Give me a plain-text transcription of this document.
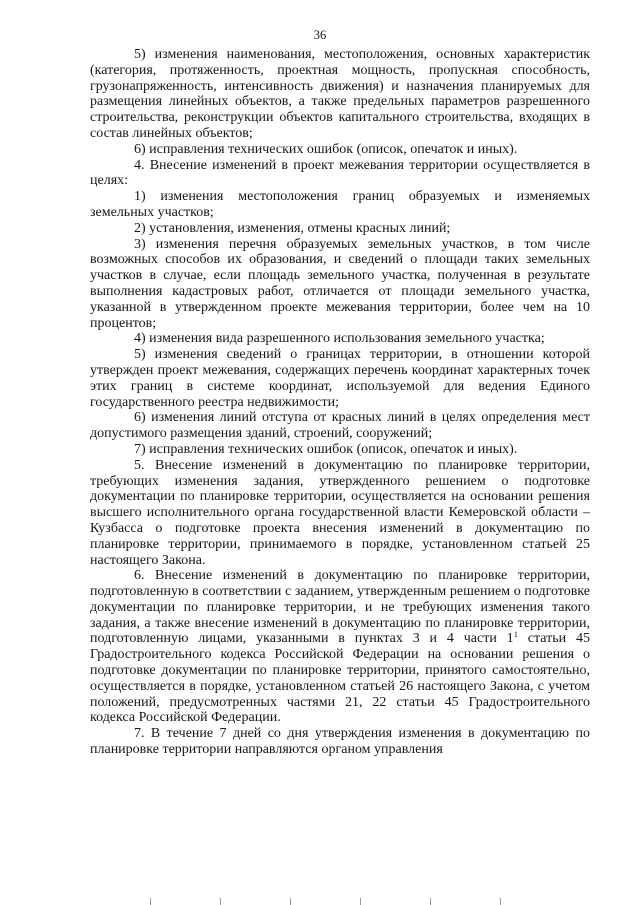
36

5) изменения наименования, местоположения, основных характеристик (категория, протяженность, проектная мощность, пропускная способность, грузонапряженность, интенсивность движения) и назначения планируемых для размещения линейных объектов, а также предельных параметров разрешенного строительства, реконструкции объектов капитального строительства, входящих в состав линейных объектов;

6) исправления технических ошибок (описок, опечаток и иных).

4. Внесение изменений в проект межевания территории осуществляется в целях:

1) изменения местоположения границ образуемых и изменяемых земельных участков;

2) установления, изменения, отмены красных линий;

3) изменения перечня образуемых земельных участков, в том числе возможных способов их образования, и сведений о площади таких земельных участков в случае, если площадь земельного участка, полученная в результате выполнения кадастровых работ, отличается от площади земельного участка, указанной в утвержденном проекте межевания территории, более чем на 10 процентов;

4) изменения вида разрешенного использования земельного участка;

5) изменения сведений о границах территории, в отношении которой утвержден проект межевания, содержащих перечень координат характерных точек этих границ в системе координат, используемой для ведения Единого государственного реестра недвижимости;

6) изменения линий отступа от красных линий в целях определения мест допустимого размещения зданий, строений, сооружений;

7) исправления технических ошибок (описок, опечаток и иных).

5. Внесение изменений в документацию по планировке территории, требующих изменения задания, утвержденного решением о подготовке документации по планировке территории, осуществляется на основании решения высшего исполнительного органа государственной власти Кемеровской области – Кузбасса о подготовке проекта внесения изменений в документацию по планировке территории, принимаемого в порядке, установленном статьей 25 настоящего Закона.

6. Внесение изменений в документацию по планировке территории, подготовленную в соответствии с заданием, утвержденным решением о подготовке документации по планировке территории, и не требующих изменения такого задания, а также внесение изменений в документацию по планировке территории, подготовленную лицами, указанными в пунктах 3 и 4 части $1^1$ статьи 45 Градостроительного кодекса Российской Федерации на основании решения о подготовке документации по планировке территории, принятого самостоятельно, осуществляется в порядке, установленном статьей 26 настоящего Закона, с учетом положений, предусмотренных частями 21, 22 статьи 45 Градостроительного кодекса Российской Федерации.

7. В течение 7 дней со дня утверждения изменения в документацию по планировке территории направляются органом управления
